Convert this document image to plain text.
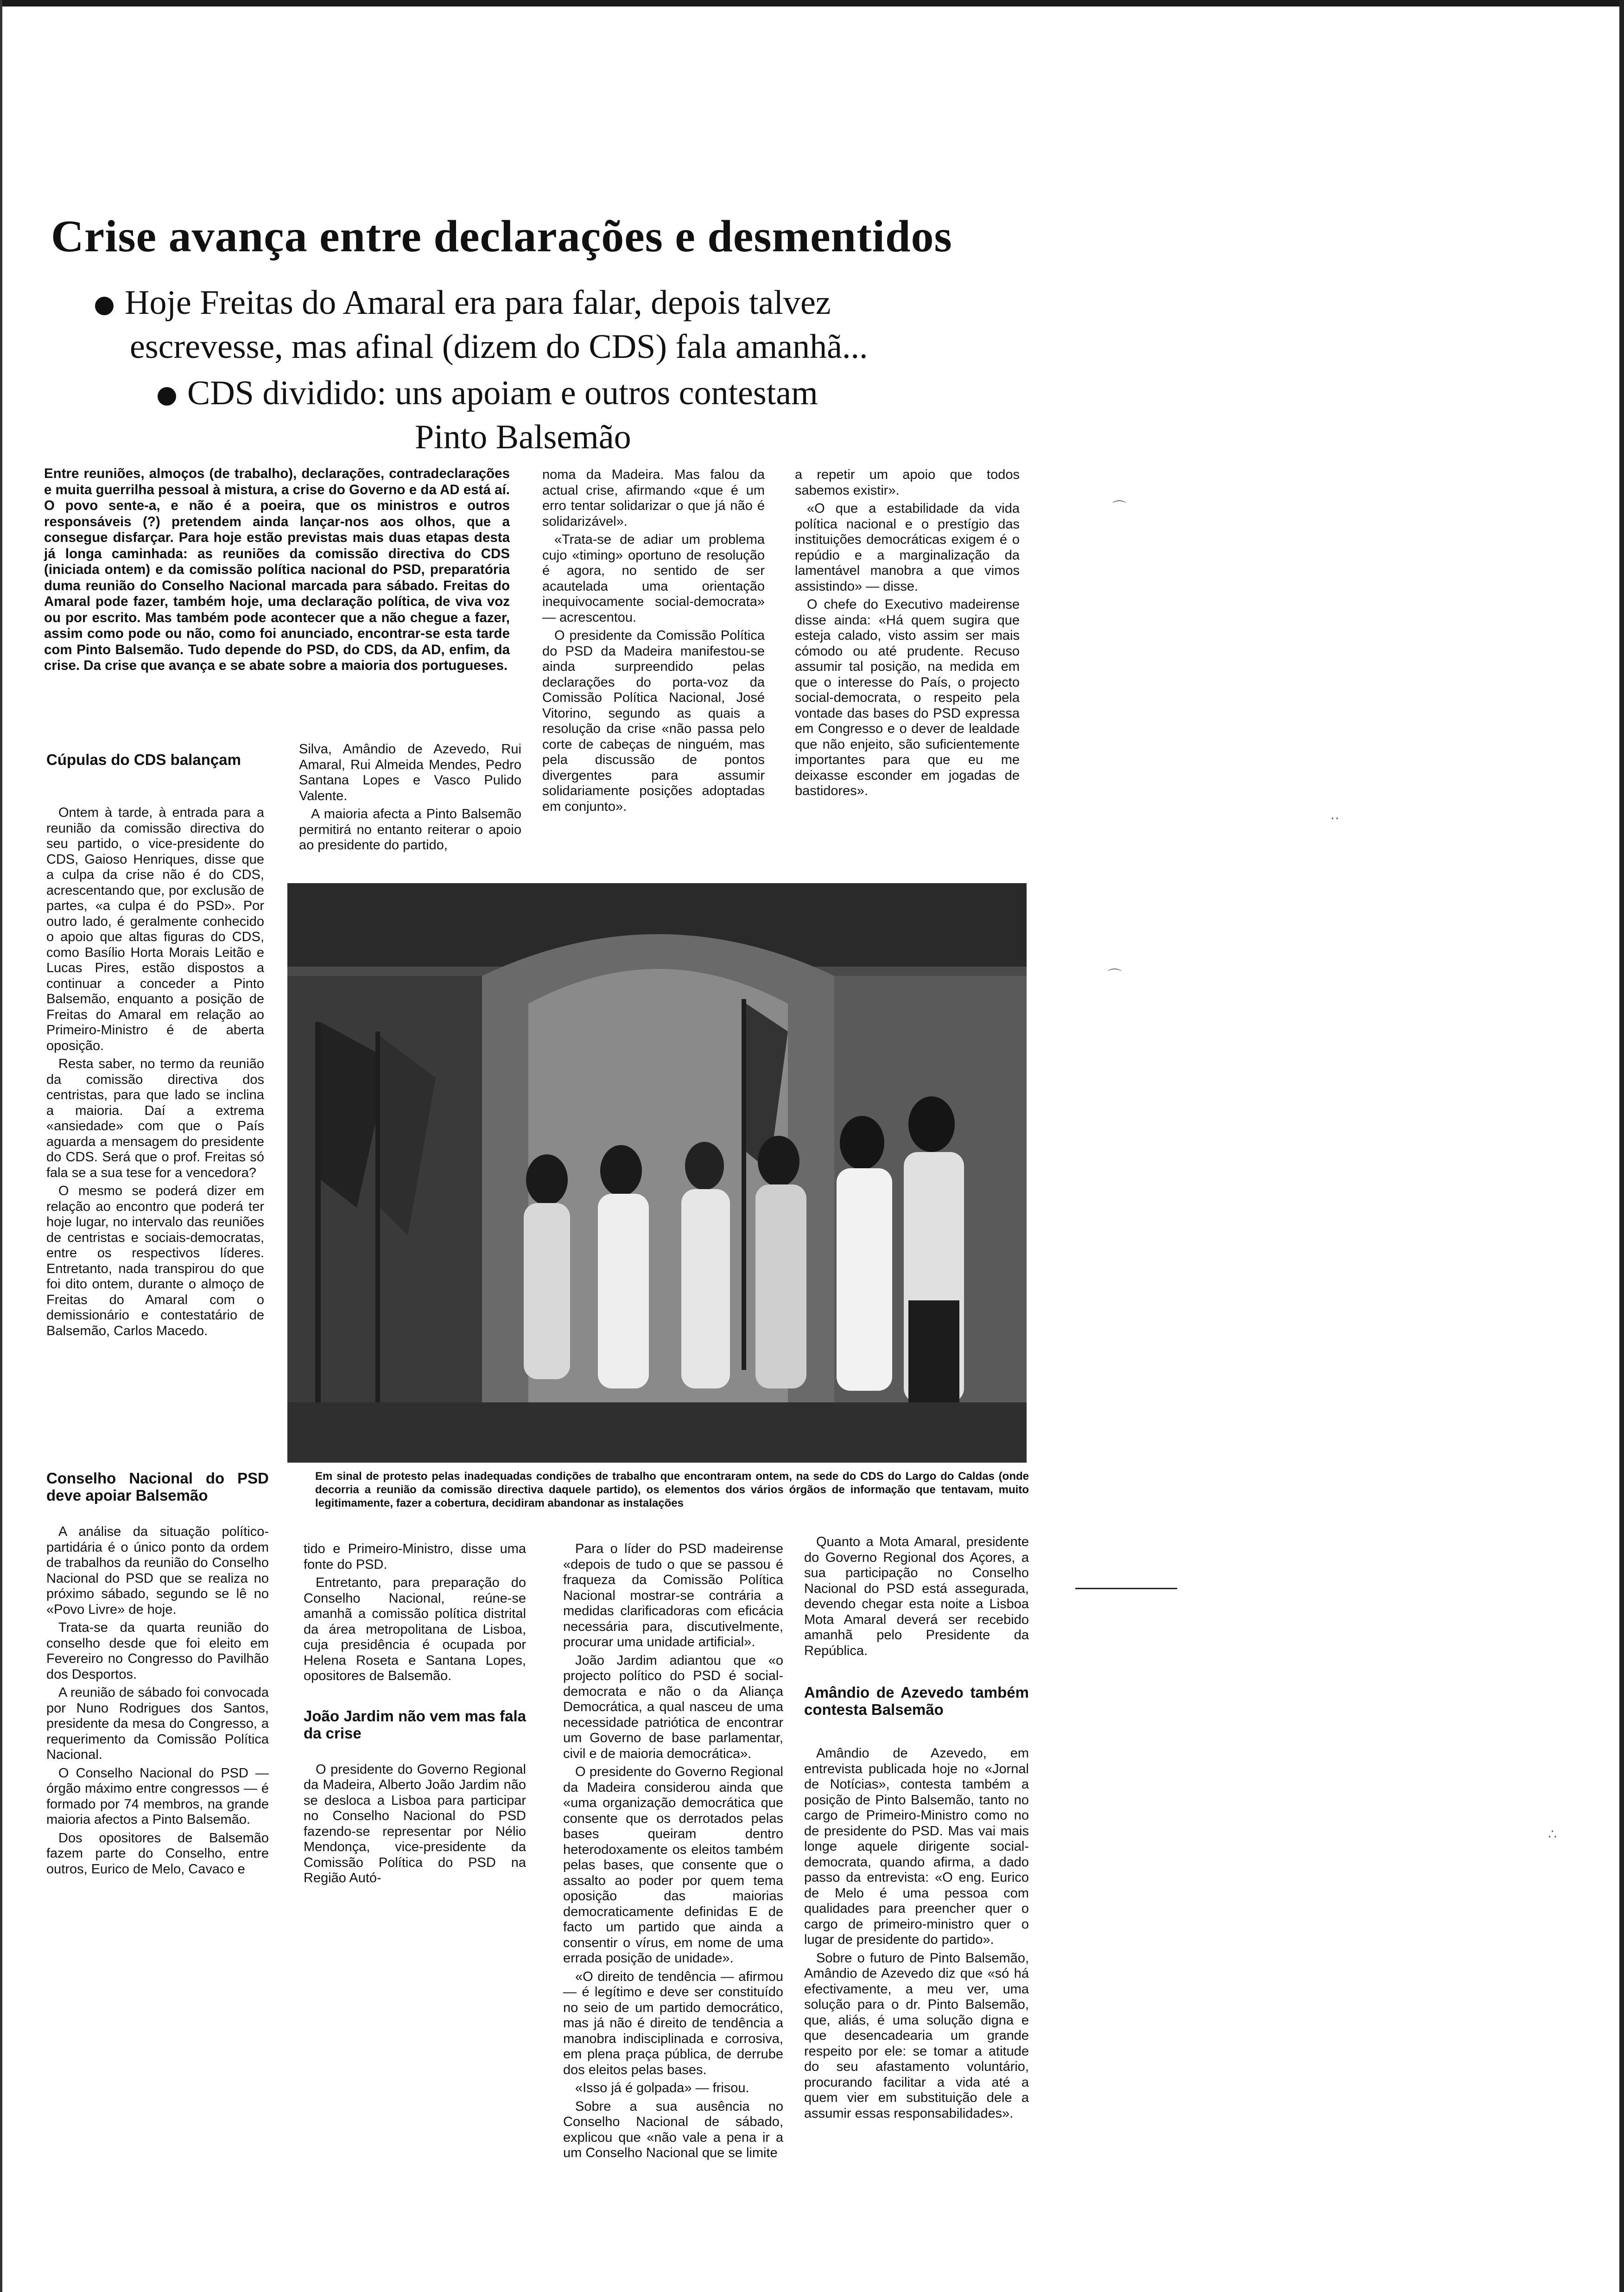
Crise avança entre declarações e desmentidos
Hoje Freitas do Amaral era para falar, depois talvez
escrevesse, mas afinal (dizem do CDS) fala amanhã...
CDS dividido: uns apoiam e outros contestam
Pinto Balsemão
Entre reuniões, almoços (de trabalho), declarações, contradeclarações e muita guerrilha pessoal à mistura, a crise do Governo e da AD está aí. O povo sente-a, e não é a poeira, que os ministros e outros responsáveis (?) pretendem ainda lançar-nos aos olhos, que a consegue disfarçar. Para hoje estão previstas mais duas etapas desta já longa caminhada: as reuniões da comissão directiva do CDS (iniciada ontem) e da comissão política nacional do PSD, preparatória duma reunião do Conselho Nacional marcada para sábado. Freitas do Amaral pode fazer, também hoje, uma declaração política, de viva voz ou por escrito. Mas também pode acontecer que a não chegue a fazer, assim como pode ou não, como foi anunciado, encontrar-se esta tarde com Pinto Balsemão. Tudo depende do PSD, do CDS, da AD, enfim, da crise. Da crise que avança e se abate sobre a maioria dos portugueses.
Cúpulas do CDS balançam

Ontem à tarde, à entrada para a reunião da comissão directiva do seu partido, o vice-presidente do CDS, Gaioso Henriques, disse que a culpa da crise não é do CDS, acrescentando que, por exclusão de partes, «a culpa é do PSD». Por outro lado, é geralmente conhecido o apoio que altas figuras do CDS, como Basílio Horta Morais Leitão e Lucas Pires, estão dispostos a continuar a conceder a Pinto Balsemão, enquanto a posição de Freitas do Amaral em relação ao Primeiro-Ministro é de aberta oposição.

Resta saber, no termo da reunião da comissão directiva dos centristas, para que lado se inclina a maioria. Daí a extrema «ansiedade» com que o País aguarda a mensagem do presidente do CDS. Será que o prof. Freitas só fala se a sua tese for a vencedora?

O mesmo se poderá dizer em relação ao encontro que poderá ter hoje lugar, no intervalo das reuniões de centristas e sociais-democratas, entre os respectivos líderes. Entretanto, nada transpirou do que foi dito ontem, durante o almoço de Freitas do Amaral com o demissionário e contestatário de Balsemão, Carlos Macedo.

Silva, Amândio de Azevedo, Rui Amaral, Rui Almeida Mendes, Pedro Santana Lopes e Vasco Pulido Valente.

A maioria afecta a Pinto Balsemão permitirá no entanto reiterar o apoio ao presidente do partido,

noma da Madeira. Mas falou da actual crise, afirmando «que é um erro tentar solidarizar o que já não é solidarizável».

«Trata-se de adiar um problema cujo «timing» oportuno de resolução é agora, no sentido de ser acautelada uma orientação inequivocamente social-democrata» — acrescentou.

O presidente da Comissão Política do PSD da Madeira manifestou-se ainda surpreendido pelas declarações do porta-voz da Comissão Política Nacional, José Vitorino, segundo as quais a resolução da crise «não passa pelo corte de cabeças de ninguém, mas pela discussão de pontos divergentes para assumir solidariamente posições adoptadas em conjunto».

a repetir um apoio que todos sabemos existir».

«O que a estabilidade da vida política nacional e o prestígio das instituições democráticas exigem é o repúdio e a marginalização da lamentável manobra a que vimos assistindo» — disse.

O chefe do Executivo madeirense disse ainda: «Há quem sugira que esteja calado, visto assim ser mais cómodo ou até prudente. Recuso assumir tal posição, na medida em que o interesse do País, o projecto social-democrata, o respeito pela vontade das bases do PSD expressa em Congresso e o dever de lealdade que não enjeito, são suficientemente importantes para que eu me deixasse esconder em jogadas de bastidores».

Em sinal de protesto pelas inadequadas condições de trabalho que encontraram ontem, na sede do CDS do Largo do Caldas (onde decorria a reunião da comissão directiva daquele partido), os elementos dos vários órgãos de informação que tentavam, muito legitimamente, fazer a cobertura, decidiram abandonar as instalações
Conselho Nacional do PSD deve apoiar Balsemão

A análise da situação político-partidária é o único ponto da ordem de trabalhos da reunião do Conselho Nacional do PSD que se realiza no próximo sábado, segundo se lê no «Povo Livre» de hoje.

Trata-se da quarta reunião do conselho desde que foi eleito em Fevereiro no Congresso do Pavilhão dos Desportos.

A reunião de sábado foi convocada por Nuno Rodrigues dos Santos, presidente da mesa do Congresso, a requerimento da Comissão Política Nacional.

O Conselho Nacional do PSD — órgão máximo entre congressos — é formado por 74 membros, na grande maioria afectos a Pinto Balsemão.

Dos opositores de Balsemão fazem parte do Conselho, entre outros, Eurico de Melo, Cavaco e

tido e Primeiro-Ministro, disse uma fonte do PSD.

Entretanto, para preparação do Conselho Nacional, reúne-se amanhã a comissão política distrital da área metropolitana de Lisboa, cuja presidência é ocupada por Helena Roseta e Santana Lopes, opositores de Balsemão.

João Jardim não vem mas fala da crise

O presidente do Governo Regional da Madeira, Alberto João Jardim não se desloca a Lisboa para participar no Conselho Nacional do PSD fazendo-se representar por Nélio Mendonça, vice-presidente da Comissão Política do PSD na Região Autó-

Para o líder do PSD madeirense «depois de tudo o que se passou é fraqueza da Comissão Política Nacional mostrar-se contrária a medidas clarificadoras com eficácia necessária para, discutivelmente, procurar uma unidade artificial».

João Jardim adiantou que «o projecto político do PSD é social-democrata e não o da Aliança Democrática, a qual nasceu de uma necessidade patriótica de encontrar um Governo de base parlamentar, civil e de maioria democrática».

O presidente do Governo Regional da Madeira considerou ainda que «uma organização democrática que consente que os derrotados pelas bases queiram dentro heterodoxamente os eleitos também pelas bases, que consente que o assalto ao poder por quem tema oposição das maiorias democraticamente definidas E de facto um partido que ainda a consentir o vírus, em nome de uma errada posição de unidade».

«O direito de tendência — afirmou — é legítimo e deve ser constituído no seio de um partido democrático, mas já não é direito de tendência a manobra indisciplinada e corrosiva, em plena praça pública, de derrube dos eleitos pelas bases.

«Isso já é golpada» — frisou.

Sobre a sua ausência no Conselho Nacional de sábado, explicou que «não vale a pena ir a um Conselho Nacional que se limite

Quanto a Mota Amaral, presidente do Governo Regional dos Açores, a sua participação no Conselho Nacional do PSD está assegurada, devendo chegar esta noite a Lisboa Mota Amaral deverá ser recebido amanhã pelo Presidente da República.

Amândio de Azevedo também contesta Balsemão

Amândio de Azevedo, em entrevista publicada hoje no «Jornal de Notícias», contesta também a posição de Pinto Balsemão, tanto no cargo de Primeiro-Ministro como no de presidente do PSD. Mas vai mais longe aquele dirigente social-democrata, quando afirma, a dado passo da entrevista: «O eng. Eurico de Melo é uma pessoa com qualidades para preencher quer o cargo de primeiro-ministro quer o lugar de presidente do partido».

Sobre o futuro de Pinto Balsemão, Amândio de Azevedo diz que «só há efectivamente, a meu ver, uma solução para o dr. Pinto Balsemão, que, aliás, é uma solução digna e que desencadearia um grande respeito por ele: se tomar a atitude do seu afastamento voluntário, procurando facilitar a vida até a quem vier em substituição dele a assumir essas responsabilidades».

⌒
⌒
‥
∴
